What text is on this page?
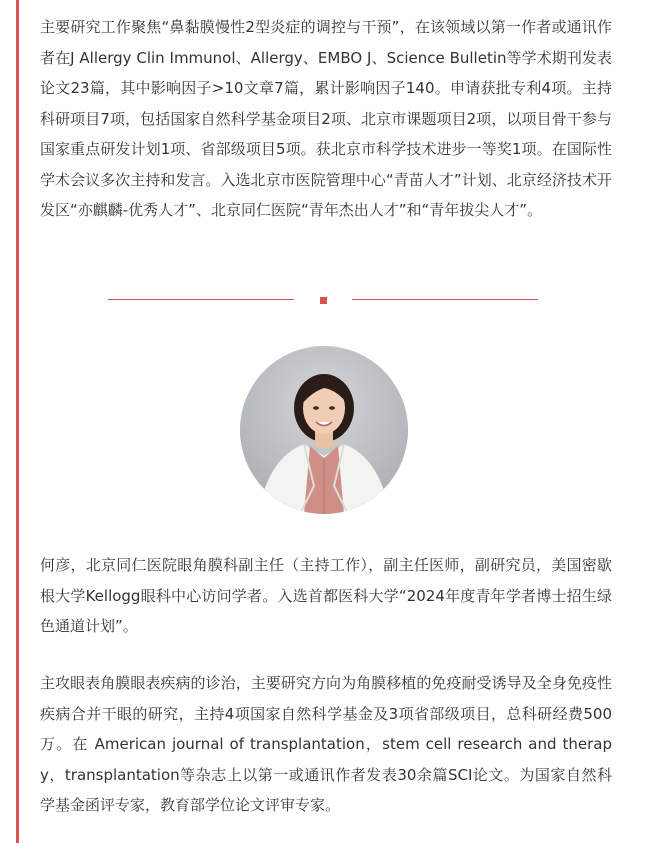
主要研究工作聚焦“鼻黏膜慢性2型炎症的调控与干预”，在该领域以第一作者或通讯作者在J Allergy Clin Immunol、Allergy、EMBO J、Science Bulletin等学术期刊发表论文23篇，其中影响因子>10文章7篇，累计影响因子140。申请获批专利4项。主持科研项目7项，包括国家自然科学基金项目2项、北京市课题项目2项，以项目骨干参与国家重点研发计划1项、省部级项目5项。获北京市科学技术进步一等奖1项。在国际性学术会议多次主持和发言。入选北京市医院管理中心“青苗人才”计划、北京经济技术开发区“亦麒麟-优秀人才”、北京同仁医院“青年杰出人才”和“青年拔尖人才”。

何彦，北京同仁医院眼角膜科副主任（主持工作），副主任医师，副研究员，美国密歇根大学Kellogg眼科中心访问学者。入选首都医科大学“2024年度青年学者博士招生绿色通道计划”。

主攻眼表角膜眼表疾病的诊治，主要研究方向为角膜移植的免疫耐受诱导及全身免疫性疾病合并干眼的研究，主持4项国家自然科学基金及3项省部级项目，总科研经费500万。在 American journal of transplantation，stem cell research and therapy，transplantation等杂志上以第一或通讯作者发表30余篇SCI论文。为国家自然科学基金函评专家，教育部学位论文评审专家。
